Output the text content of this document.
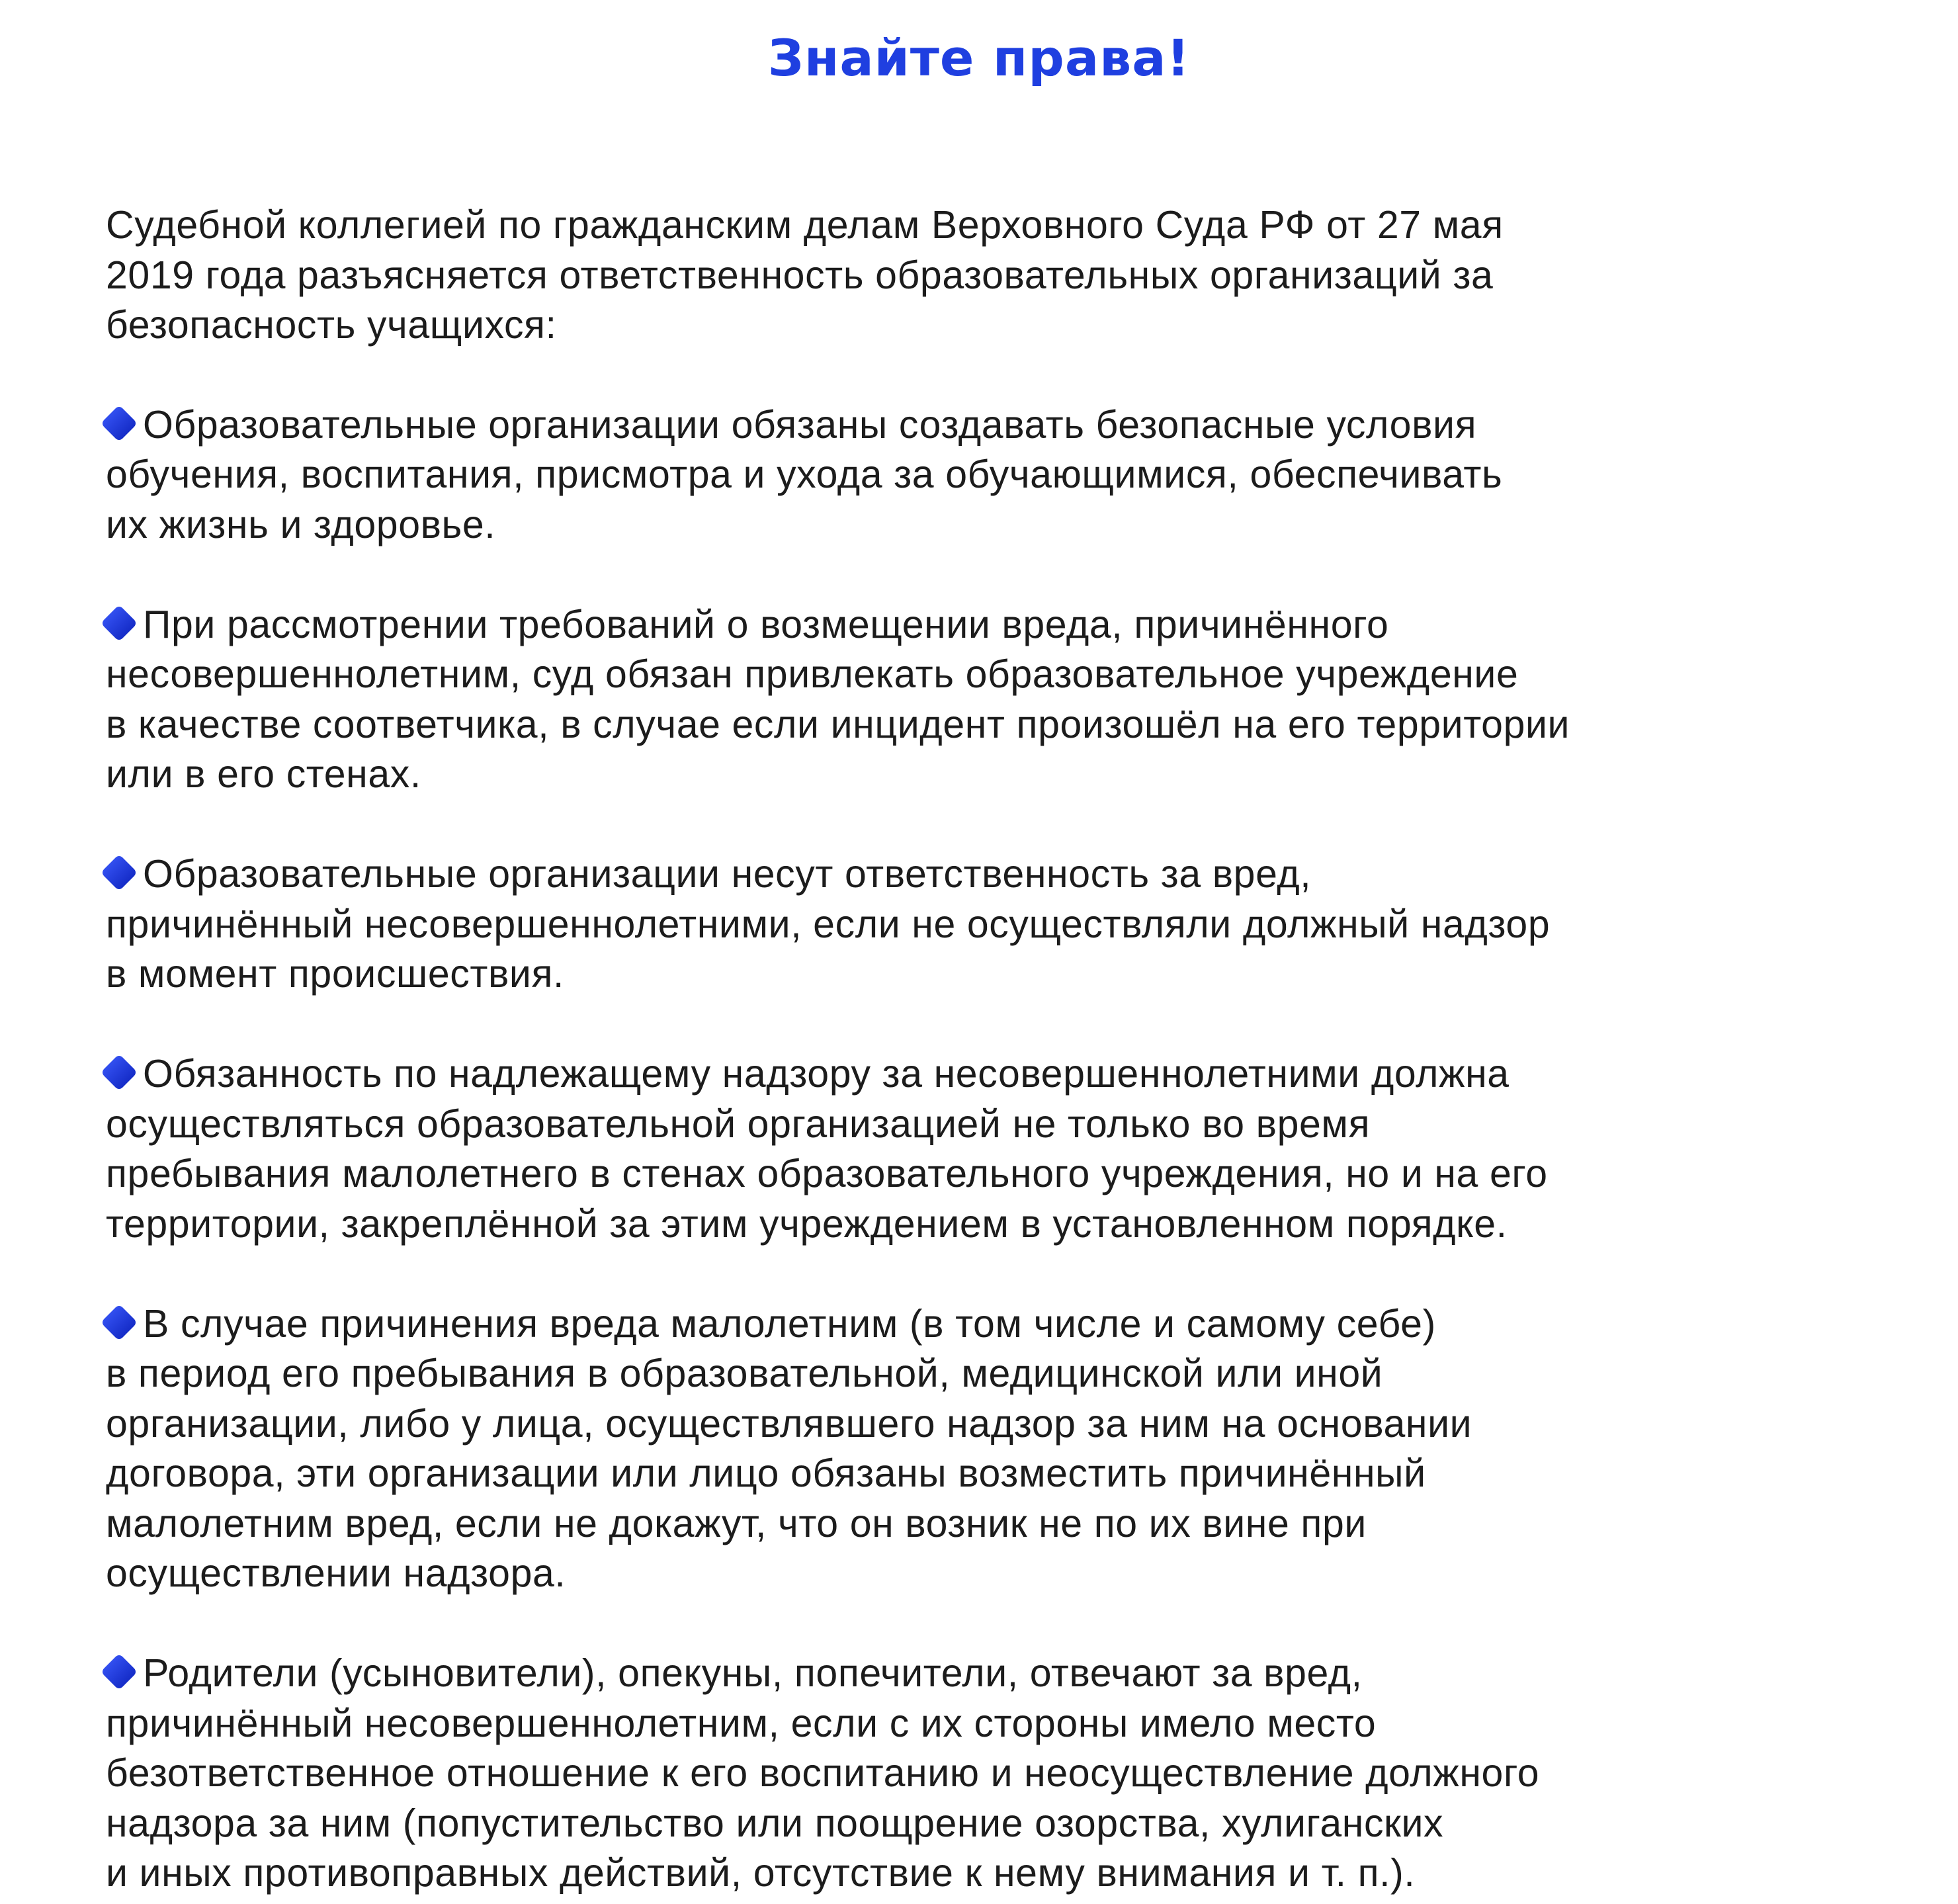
Знайте права!

Судебной коллегией по гражданским делам Верховного Суда РФ от 27 мая
2019 года разъясняется ответственность образовательных организаций за
безопасность учащихся:

Образовательные организации обязаны создавать безопасные условия
обучения, воспитания, присмотра и ухода за обучающимися, обеспечивать
их жизнь и здоровье.

При рассмотрении требований о возмещении вреда, причинённого
несовершеннолетним, суд обязан привлекать образовательное учреждение
в качестве соответчика, в случае если инцидент произошёл на его территории
или в его стенах.

Образовательные организации несут ответственность за вред,
причинённый несовершеннолетними, если не осуществляли должный надзор
в момент происшествия.

Обязанность по надлежащему надзору за несовершеннолетними должна
осуществляться образовательной организацией не только во время
пребывания малолетнего в стенах образовательного учреждения, но и на его
территории, закреплённой за этим учреждением в установленном порядке.

В случае причинения вреда малолетним (в том числе и самому себе)
в период его пребывания в образовательной, медицинской или иной
организации, либо у лица, осуществлявшего надзор за ним на основании
договора, эти организации или лицо обязаны возместить причинённый
малолетним вред, если не докажут, что он возник не по их вине при
осуществлении надзора.

Родители (усыновители), опекуны, попечители, отвечают за вред,
причинённый несовершеннолетним, если с их стороны имело место
безответственное отношение к его воспитанию и неосуществление должного
надзора за ним (попустительство или поощрение озорства, хулиганских
и иных противоправных действий, отсутствие к нему внимания и т. п.).
